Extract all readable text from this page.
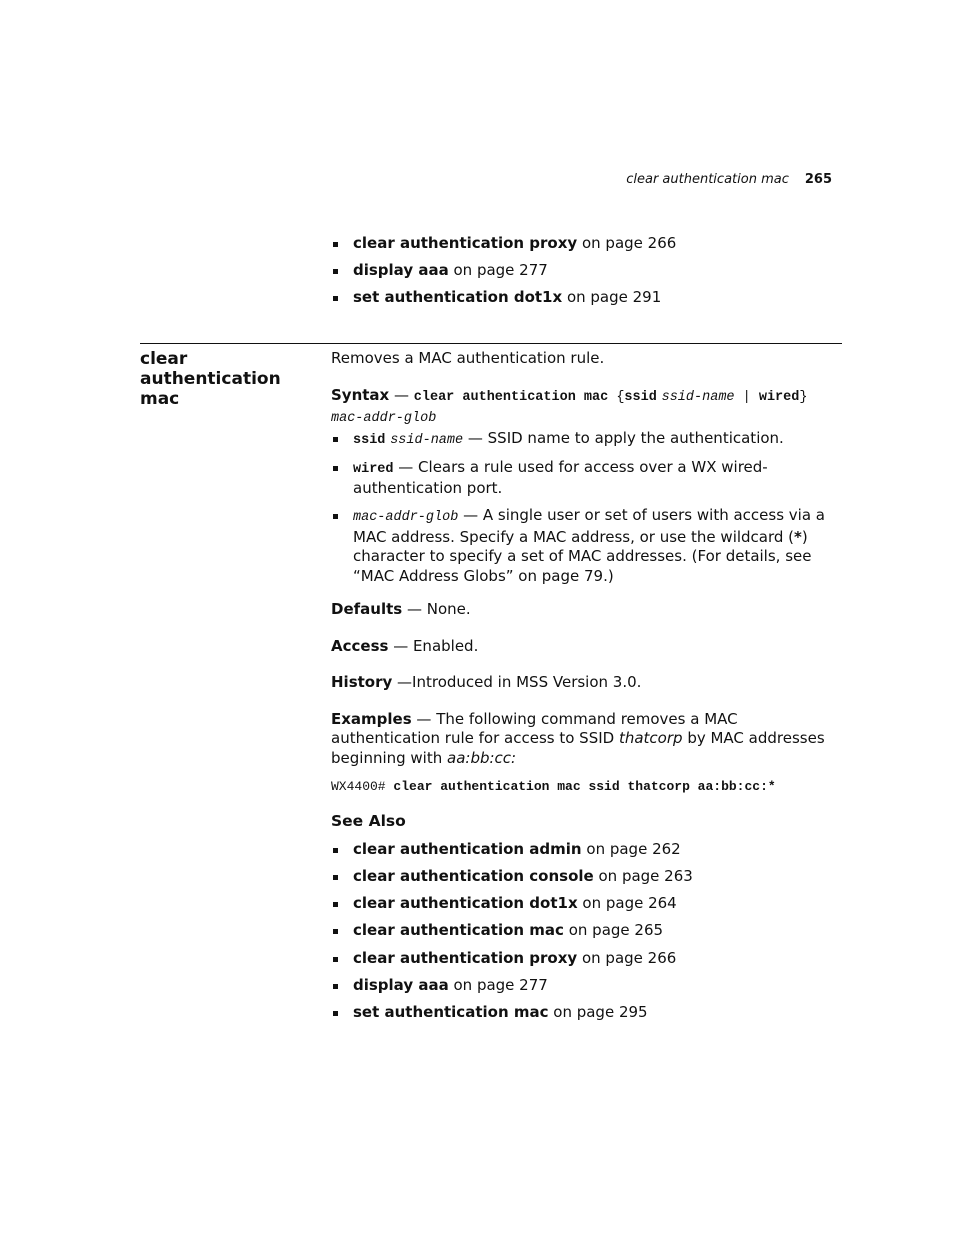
clear authentication mac 265
clear authentication proxy on page 266
display aaa on page 277
set authentication dot1x on page 291
clear authentication mac

Removes a MAC authentication rule.

Syntax — clear authentication mac {ssid ssid-name | wired}
mac-addr-glob

ssid ssid-name — SSID name to apply the authentication.
wired — Clears a rule used for access over a WX wired-authentication port.
mac-addr-glob — A single user or set of users with access via a MAC address. Specify a MAC address, or use the wildcard (*) character to specify a set of MAC addresses. (For details, see “MAC Address Globs” on page 79.)

Defaults — None.

Access — Enabled.

History —Introduced in MSS Version 3.0.

Examples — The following command removes a MAC authentication rule for access to SSID thatcorp by MAC addresses beginning with aa:bb:cc:

WX4400# clear authentication mac ssid thatcorp aa:bb:cc:*

See Also

clear authentication admin on page 262
clear authentication console on page 263
clear authentication dot1x on page 264
clear authentication mac on page 265
clear authentication proxy on page 266
display aaa on page 277
set authentication mac on page 295
